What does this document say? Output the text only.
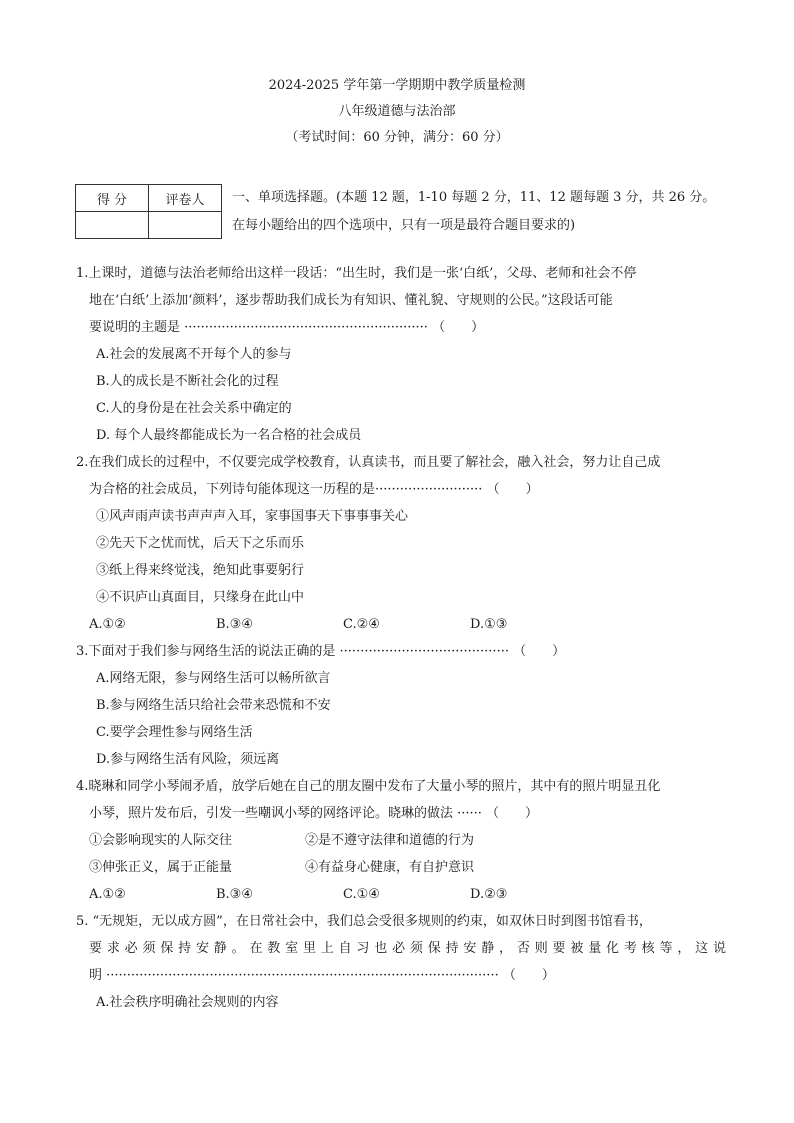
2024-2025 学年第一学期期中教学质量检测
八年级道德与法治部
（考试时间：60 分钟，满分：60 分）
得 分	评卷人
	一、单项选择题。(本题 12 题，1-10 每题 2 分，11、12 题每题 3 分，共 26 分。
在每小题给出的四个选项中，只有一项是最符合题目要求的)
1.上课时，道德与法治老师给出这样一段话：“出生时，我们是一张‘白纸’，父母、老师和社会不停
地在‘白纸’上添加‘颜料’，逐步帮助我们成长为有知识、懂礼貌、守规则的公民。”这段话可能
要说明的主题是 ··························································· （　　）
A.社会的发展离不开每个人的参与
B.人的成长是不断社会化的过程
C.人的身份是在社会关系中确定的
D. 每个人最终都能成长为一名合格的社会成员
2.在我们成长的过程中，不仅要完成学校教育，认真读书，而且要了解社会，融入社会，努力让自己成
为合格的社会成员，下列诗句能体现这一历程的是·························· （　　）
①风声雨声读书声声声入耳，家事国事天下事事事关心
②先天下之忧而忧，后天下之乐而乐
③纸上得来终觉浅，绝知此事要躬行
④不识庐山真面目，只缘身在此山中
A.①②	B.③④	C.②④	D.①③
3.下面对于我们参与网络生活的说法正确的是 ········································· （　　）
A.网络无限，参与网络生活可以畅所欲言
B.参与网络生活只给社会带来恐慌和不安
C.要学会理性参与网络生活
D.参与网络生活有风险，须远离
4.晓琳和同学小琴闹矛盾，放学后她在自己的朋友圈中发布了大量小琴的照片，其中有的照片明显丑化
小琴，照片发布后，引发一些嘲讽小琴的网络评论。晓琳的做法 ······ （　　）
①会影响现实的人际交往	②是不遵守法律和道德的行为
③伸张正义，属于正能量	④有益身心健康，有自护意识
A.①②	B.③④	C.①④	D.②③
5. “无规矩，无以成方圆”，在日常社会中，我们总会受很多规则的约束，如双休日时到图书馆看书，
要求必须保持安静。在教室里上自习也必须保持安静，否则要被量化考核等，这说
明 ······························································································· （　　）
A.社会秩序明确社会规则的内容
